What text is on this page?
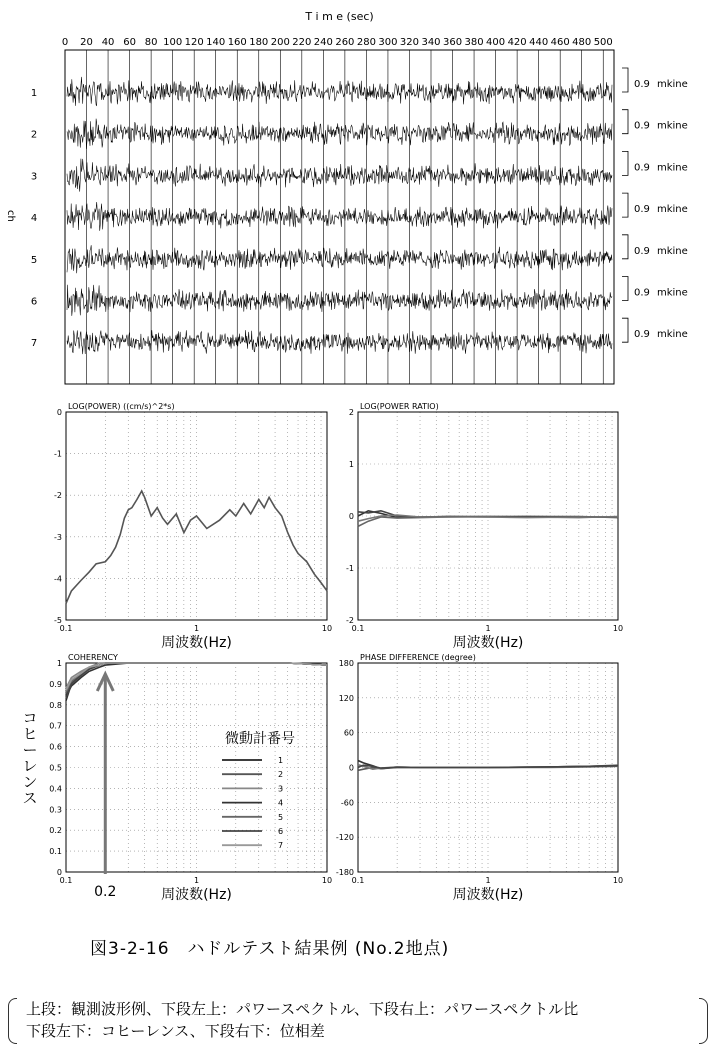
T i m e (sec)
ch
0 20 40 60 80 100 120 140 160 180 200 220 240 260 280 300 320 340 360 380 400 420 440 460 480 500
1
0.9 mkine
2
0.9 mkine
3
0.9 mkine
4
0.9 mkine
5
0.9 mkine
6
0.9 mkine
7
0.9 mkine
LOG(POWER) ((cm/s)^2*s)
0
-1
-2
-3
-4
-5
0.1	1	10
周波数(Hz)
LOG(POWER RATIO)
2
1
0
-1
-2
0.1	1	10
周波数(Hz)
COHERENCY
1
0.9
0.8
0.7
0.6
0.5
0.4
0.3
0.2
0.1
0
0.1	1	10
周波数(Hz)
0.2
コ
ヒ
ー
レ
ン
ス
微動計番号
1
2
3
4
5
6
7
PHASE DIFFERENCE (degree)
180
120
60
0
-60
-120
-180
0.1	1	10
周波数(Hz)
図3-2-16　ハドルテスト結果例 (No.2地点)
上段：観測波形例、下段左上：パワースペクトル、下段右上：パワースペクトル比
下段左下：コヒーレンス、下段右下：位相差
